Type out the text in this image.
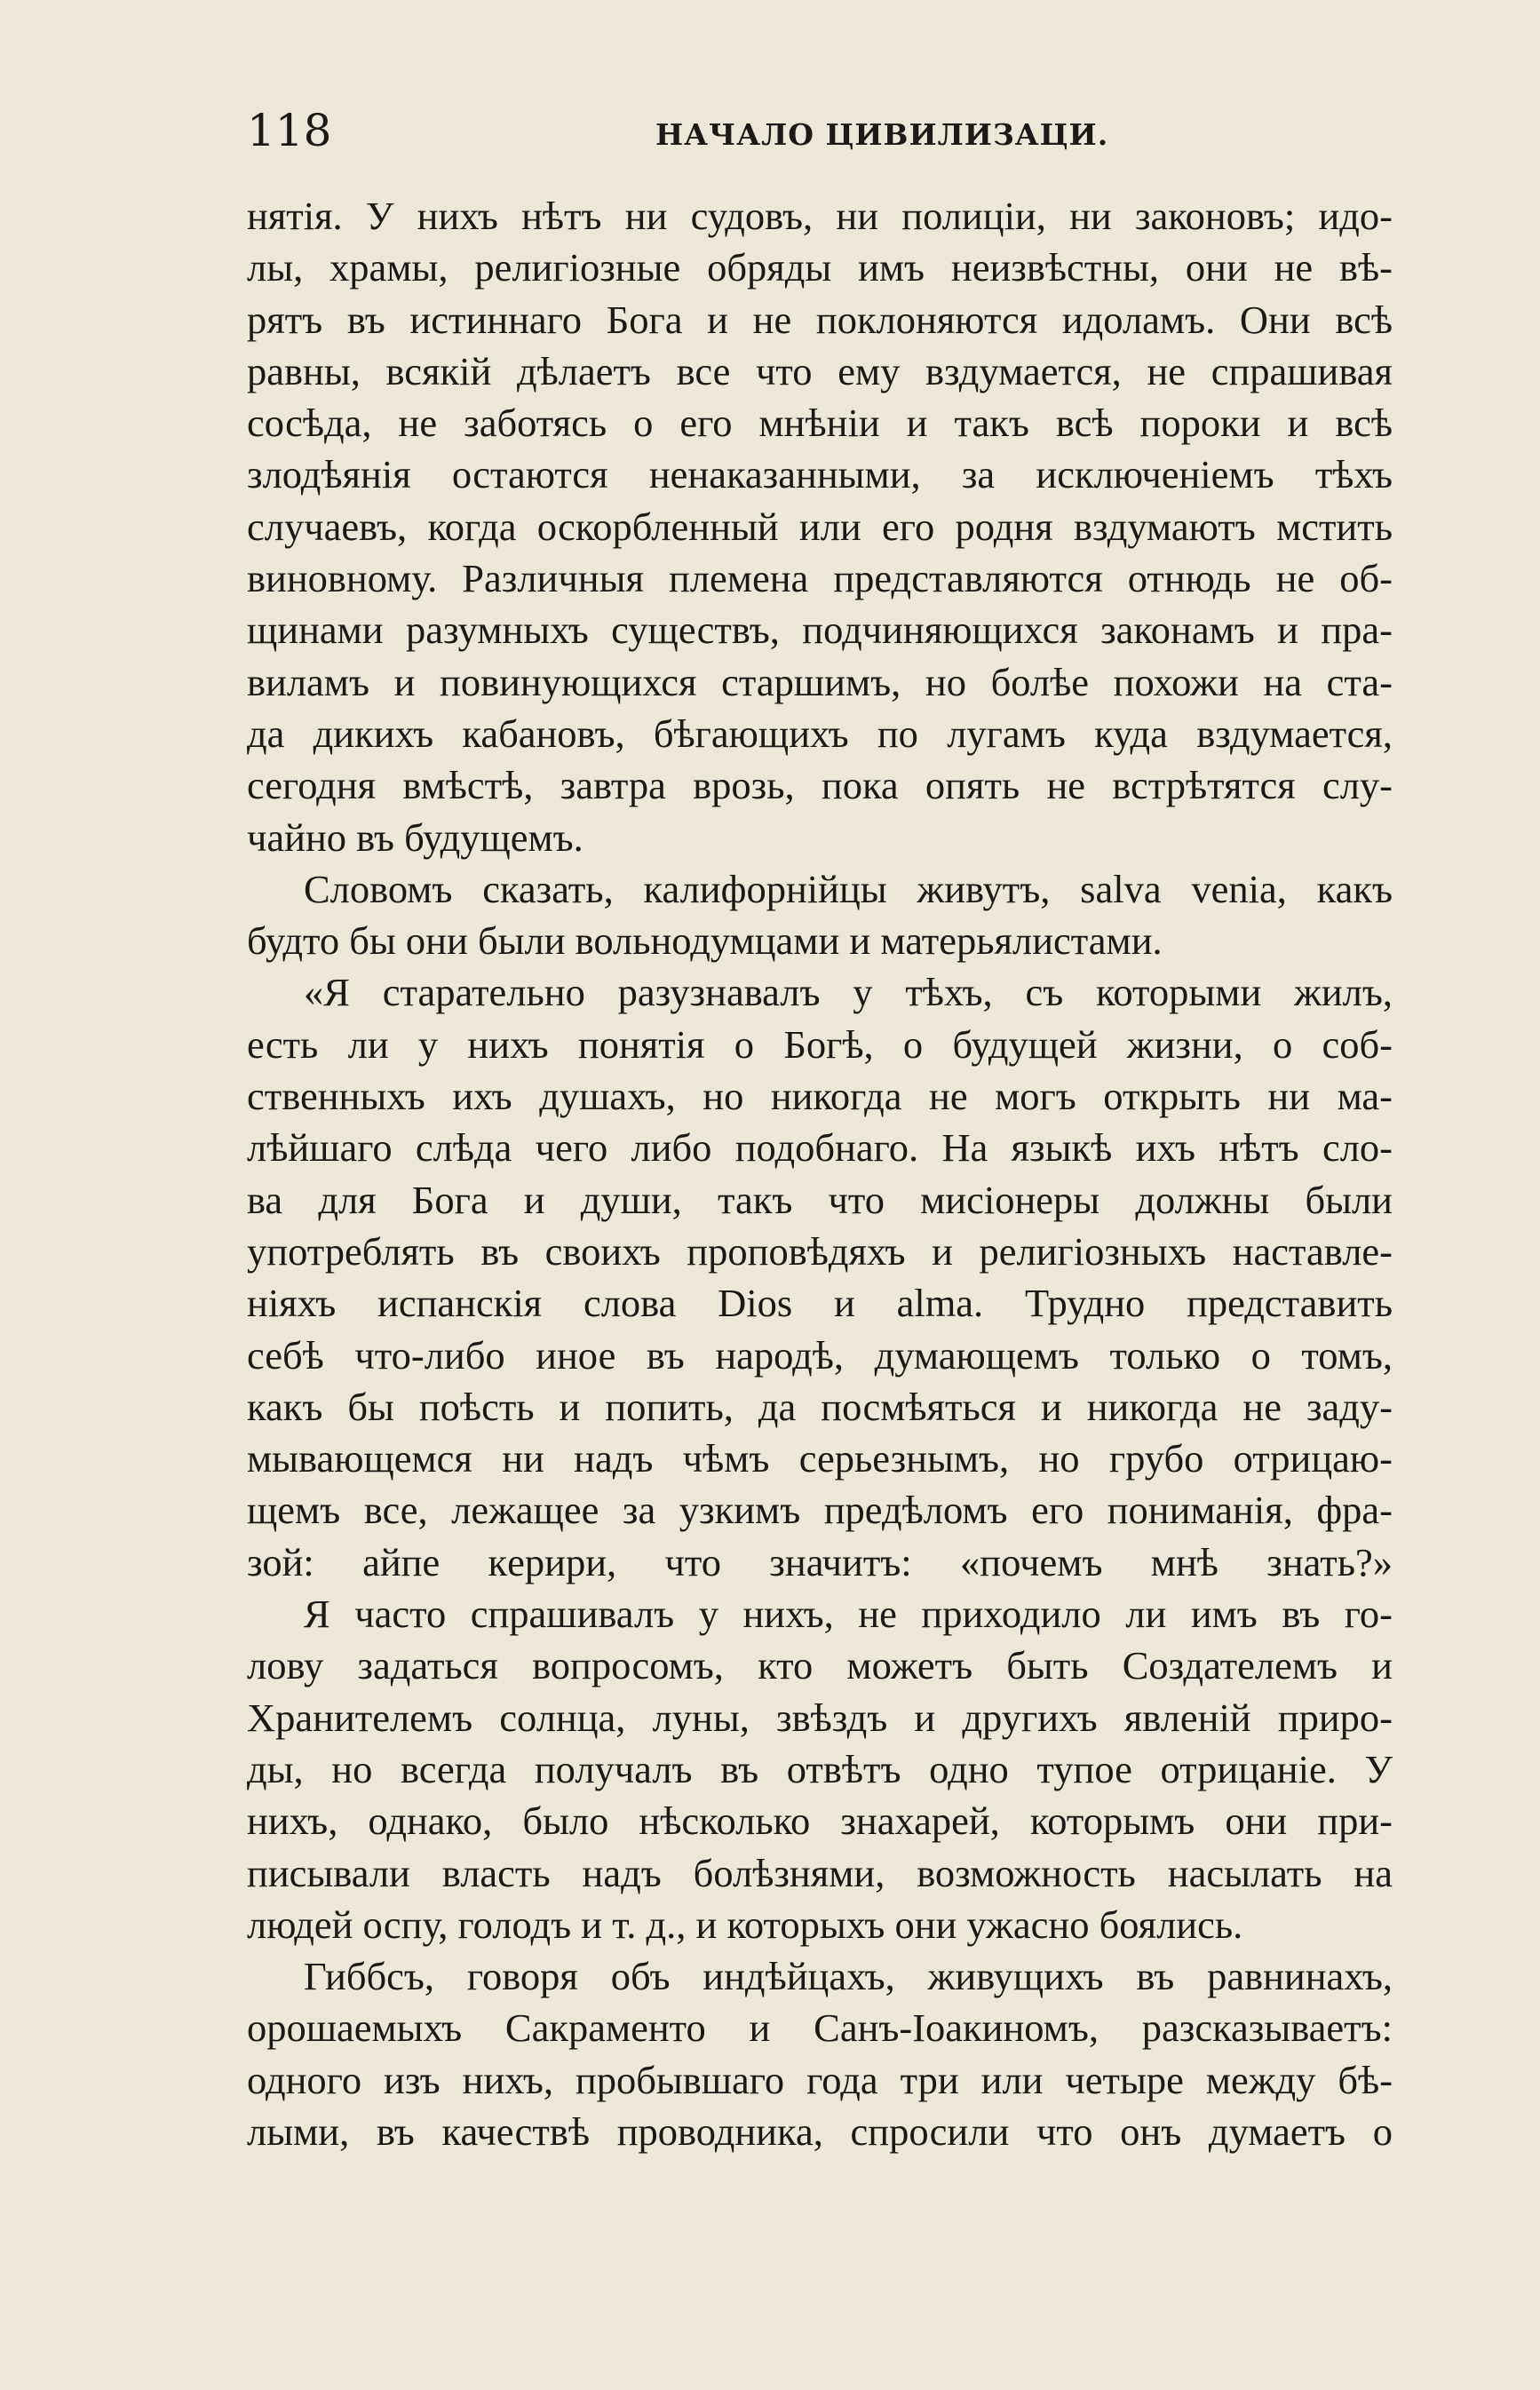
118	НАЧАЛО ЦИВИЛИЗАЦИ.
нятія. У нихъ нѣтъ ни судовъ, ни полиціи, ни законовъ; идо-
лы, храмы, религіозные обряды имъ неизвѣстны, они не вѣ-
рятъ въ истиннаго Бога и не поклоняются идоламъ. Они всѣ
равны, всякій дѣлаетъ все что ему вздумается, не спрашивая
сосѣда, не заботясь о его мнѣніи и такъ всѣ пороки и всѣ
злодѣянія остаются ненаказанными, за исключеніемъ тѣхъ
случаевъ, когда оскорбленный или его родня вздумаютъ мстить
виновному. Различныя племена представляются отнюдь не об-
щинами разумныхъ существъ, подчиняющихся законамъ и пра-
виламъ и повинующихся старшимъ, но болѣе похожи на ста-
да дикихъ кабановъ, бѣгающихъ по лугамъ куда вздумается,
сегодня вмѣстѣ, завтра врозь, пока опять не встрѣтятся слу-
чайно въ будущемъ.
Словомъ сказать, калифорнійцы живутъ, salva venia, какъ
будто бы они были вольнодумцами и матерьялистами.
«Я старательно разузнавалъ у тѣхъ, съ которыми жилъ,
есть ли у нихъ понятія о Богѣ, о будущей жизни, о соб-
ственныхъ ихъ душахъ, но никогда не могъ открыть ни ма-
лѣйшаго слѣда чего либо подобнаго. На языкѣ ихъ нѣтъ сло-
ва для Бога и души, такъ что мисіонеры должны были
употреблять въ своихъ проповѣдяхъ и религіозныхъ наставле-
ніяхъ испанскія слова Dios и alma. Трудно представить
себѣ что-либо иное въ народѣ, думающемъ только о томъ,
какъ бы поѣсть и попить, да посмѣяться и никогда не заду-
мывающемся ни надъ чѣмъ серьезнымъ, но грубо отрицаю-
щемъ все, лежащее за узкимъ предѣломъ его пониманія, фра-
зой: айпе кeрири, что значитъ: «почемъ мнѣ знать?»
Я часто спрашивалъ у нихъ, не приходило ли имъ въ го-
лову задаться вопросомъ, кто можетъ быть Создателемъ и
Хранителемъ солнца, луны, звѣздъ и другихъ явленій приро-
ды, но всегда получалъ въ отвѣтъ одно тупое отрицаніе. У
нихъ, однако, было нѣсколько знахарей, которымъ они при-
писывали власть надъ болѣзнями, возможность насылать на
людей оспу, голодъ и т. д., и которыхъ они ужасно боялись.
Гиббсъ, говоря объ индѣйцахъ, живущихъ въ равнинахъ,
орошаемыхъ Сакраменто и Санъ-Іоакиномъ, разсказываетъ:
одного изъ нихъ, пробывшаго года три или четыре между бѣ-
лыми, въ качествѣ проводника, спросили что онъ думаетъ о
